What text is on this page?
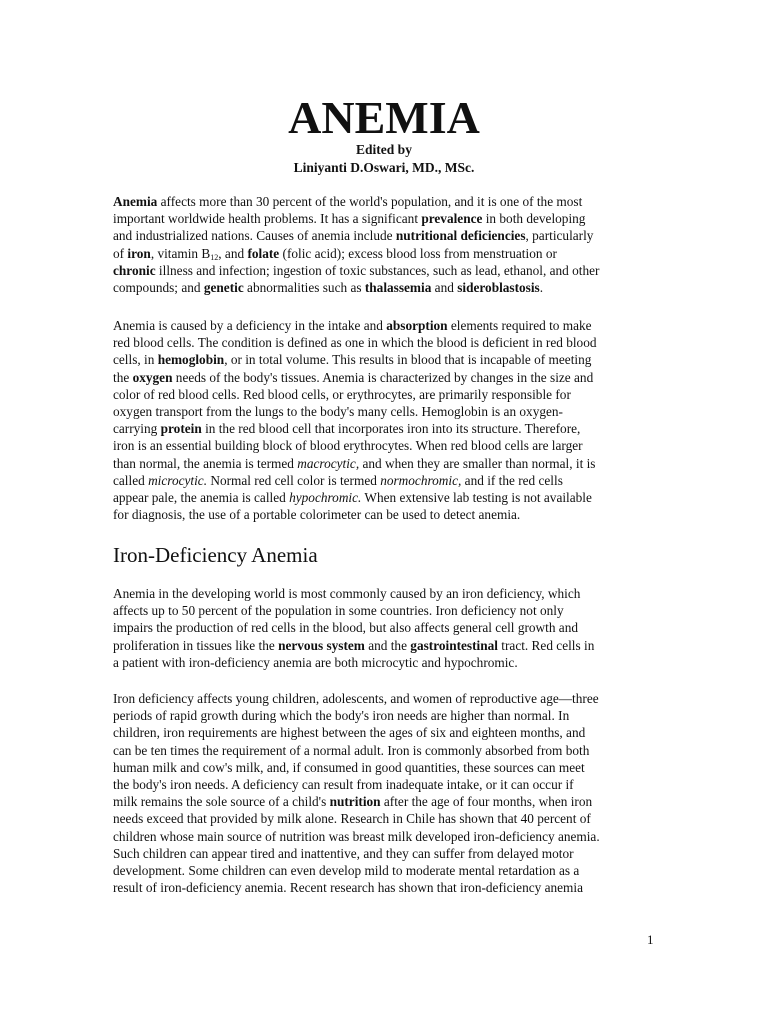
ANEMIA
Edited by
Liniyanti D.Oswari, MD., MSc.
Anemia affects more than 30 percent of the world's population, and it is one of the most
important worldwide health problems. It has a significant prevalence in both developing
and industrialized nations. Causes of anemia include nutritional deficiencies, particularly
of iron, vitamin $B_{12}$, and folate (folic acid); excess blood loss from menstruation or
chronic illness and infection; ingestion of toxic substances, such as lead, ethanol, and other
compounds; and genetic abnormalities such as thalassemia and sideroblastosis.
Anemia is caused by a deficiency in the intake and absorption elements required to make
red blood cells. The condition is defined as one in which the blood is deficient in red blood
cells, in hemoglobin, or in total volume. This results in blood that is incapable of meeting
the oxygen needs of the body's tissues. Anemia is characterized by changes in the size and
color of red blood cells. Red blood cells, or erythrocytes, are primarily responsible for
oxygen transport from the lungs to the body's many cells. Hemoglobin is an oxygen-
carrying protein in the red blood cell that incorporates iron into its structure. Therefore,
iron is an essential building block of blood erythrocytes. When red blood cells are larger
than normal, the anemia is termed macrocytic, and when they are smaller than normal, it is
called microcytic. Normal red cell color is termed normochromic, and if the red cells
appear pale, the anemia is called hypochromic. When extensive lab testing is not available
for diagnosis, the use of a portable colorimeter can be used to detect anemia.
Iron-Deficiency Anemia
Anemia in the developing world is most commonly caused by an iron deficiency, which
affects up to 50 percent of the population in some countries. Iron deficiency not only
impairs the production of red cells in the blood, but also affects general cell growth and
proliferation in tissues like the nervous system and the gastrointestinal tract. Red cells in
a patient with iron-deficiency anemia are both microcytic and hypochromic.
Iron deficiency affects young children, adolescents, and women of reproductive age—three
periods of rapid growth during which the body's iron needs are higher than normal. In
children, iron requirements are highest between the ages of six and eighteen months, and
can be ten times the requirement of a normal adult. Iron is commonly absorbed from both
human milk and cow's milk, and, if consumed in good quantities, these sources can meet
the body's iron needs. A deficiency can result from inadequate intake, or it can occur if
milk remains the sole source of a child's nutrition after the age of four months, when iron
needs exceed that provided by milk alone. Research in Chile has shown that 40 percent of
children whose main source of nutrition was breast milk developed iron-deficiency anemia.
Such children can appear tired and inattentive, and they can suffer from delayed motor
development. Some children can even develop mild to moderate mental retardation as a
result of iron-deficiency anemia. Recent research has shown that iron-deficiency anemia
1
